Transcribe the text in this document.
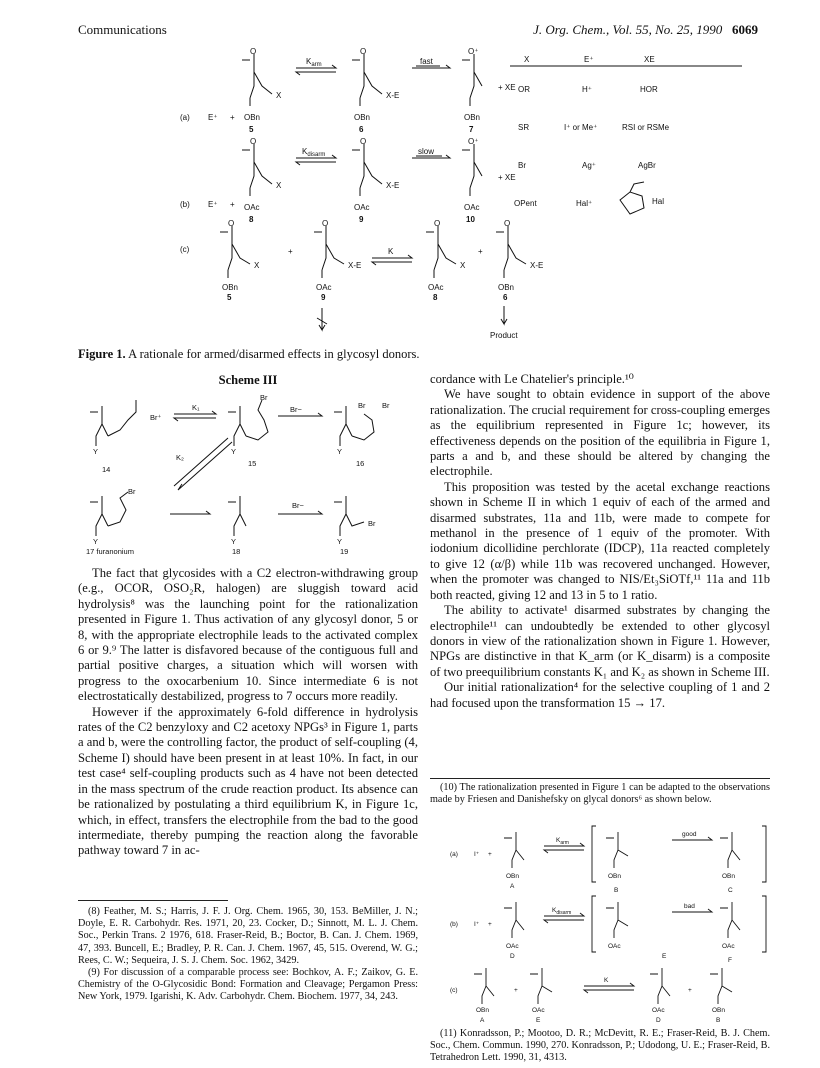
Communications	J. Org. Chem., Vol. 55, No. 25, 1990 6069
(a) E⁺ +
O
X
OBn
5
$K_{arm}$
O
X-E
OBn
6
fast
O⁺
+ XE
OBn
7
(b) E⁺ +
O
X
OAc
8
$K_{disarm}$
O
X-E
OAc
9
slow
O⁺
+ XE
OAc
10
(c)
O
X
OBn
5
+
O
X-E
OAc
9
K
O
X
OAc
8
+
O
X-E
OBn
6
Product
X	E⁺	XE
OR	H⁺	HOR
SR	I⁺ or Me⁺	RSI or RSMe
Br	Ag⁺	AgBr
OPent	Hal⁺	Hal
Figure 1. A rationale for armed/disarmed effects in glycosyl donors.
Scheme III
Y
14
Br⁺
K₁
Br
Y
15
Br−	Br Br
Y
16
K₂
Br
Y
17 furanonium
Y
18
Br−
Br
Y
19

The fact that glycosides with a C2 electron-withdrawing group (e.g., OCOR, OSO₂R, halogen) are sluggish toward acid hydrolysis⁸ was the launching point for the rationalization presented in Figure 1. Thus activation of any glycosyl donor, 5 or 8, with the appropriate electrophile leads to the activated complex 6 or 9.⁹ The latter is disfavored because of the contiguous full and partial positive charges, a situation which will worsen with progress to the oxocarbenium 10. Since intermediate 6 is not electrostatically destabilized, progress to 7 occurs more readily.

However if the approximately 6-fold difference in hydrolysis rates of the C2 benzyloxy and C2 acetoxy NPGs³ in Figure 1, parts a and b, were the controlling factor, the product of self-coupling (4, Scheme I) should have been present in at least 10%. In fact, in our test case⁴ self-coupling products such as 4 have not been detected in the mass spectrum of the crude reaction product. Its absence can be rationalized by postulating a third equilibrium K, in Figure 1c, which, in effect, transfers the electrophile from the bad to the good intermediate, thereby pumping the reaction along the favorable pathway toward 7 in ac-

(8) Feather, M. S.; Harris, J. F. J. Org. Chem. 1965, 30, 153. BeMiller, J. N.; Doyle, E. R. Carbohydr. Res. 1971, 20, 23. Cocker, D.; Sinnott, M. L. J. Chem. Soc., Perkin Trans. 2 1976, 618. Fraser-Reid, B.; Boctor, B. Can. J. Chem. 1969, 47, 393. Buncell, E.; Bradley, P. R. Can. J. Chem. 1967, 45, 515. Overend, W. G.; Rees, C. W.; Sequeira, J. S. J. Chem. Soc. 1962, 3429.

(9) For discussion of a comparable process see: Bochkov, A. F.; Zaikov, G. E. Chemistry of the O-Glycosidic Bond: Formation and Cleavage; Pergamon Press: New York, 1979. Igarishi, K. Adv. Carbohydr. Chem. Biochem. 1977, 34, 243.

cordance with Le Chatelier's principle.¹⁰

We have sought to obtain evidence in support of the above rationalization. The crucial requirement for cross-coupling emerges as the equilibrium represented in Figure 1c; however, its effectiveness depends on the position of the equilibria in Figure 1, parts a and b, and these should be altered by changing the electrophile.

This proposition was tested by the acetal exchange reactions shown in Scheme II in which 1 equiv of each of the armed and disarmed substrates, 11a and 11b, were made to compete for methanol in the presence of 1 equiv of the promoter. With iodonium dicollidine perchlorate (IDCP), 11a reacted completely to give 12 (α/β) while 11b was recovered unchanged. However, when the promoter was changed to NIS/Et₃SiOTf,¹¹ 11a and 11b both reacted, giving 12 and 13 in 5 to 1 ratio.

The ability to activate¹ disarmed substrates by changing the electrophile¹¹ can undoubtedly be extended to other glycosyl donors in view of the rationalization shown in Figure 1. However, NPGs are distinctive in that K_arm (or K_disarm) is a composite of two preequilibrium constants K₁ and K₂ as shown in Scheme III.

Our initial rationalization⁴ for the selective coupling of 1 and 2 had focused upon the transformation 15 → 17.

(10) The rationalization presented in Figure 1 can be adapted to the observations made by Friesen and Danishefsky on glycal donors⁶ as shown below.

(a) I⁺ +
OBn
A
$K_{arm}$
OBn
B
good
OBn
C
(b) I⁺ +
OAc
D
$K_{disarm}$
OAc
E
bad
OAc
F
(c)
OBn
A
+
OAc
E
K
OAc
D
+
OBn
B

(11) Konradsson, P.; Mootoo, D. R.; McDevitt, R. E.; Fraser-Reid, B. J. Chem. Soc., Chem. Commun. 1990, 270. Konradsson, P.; Udodong, U. E.; Fraser-Reid, B. Tetrahedron Lett. 1990, 31, 4313.
